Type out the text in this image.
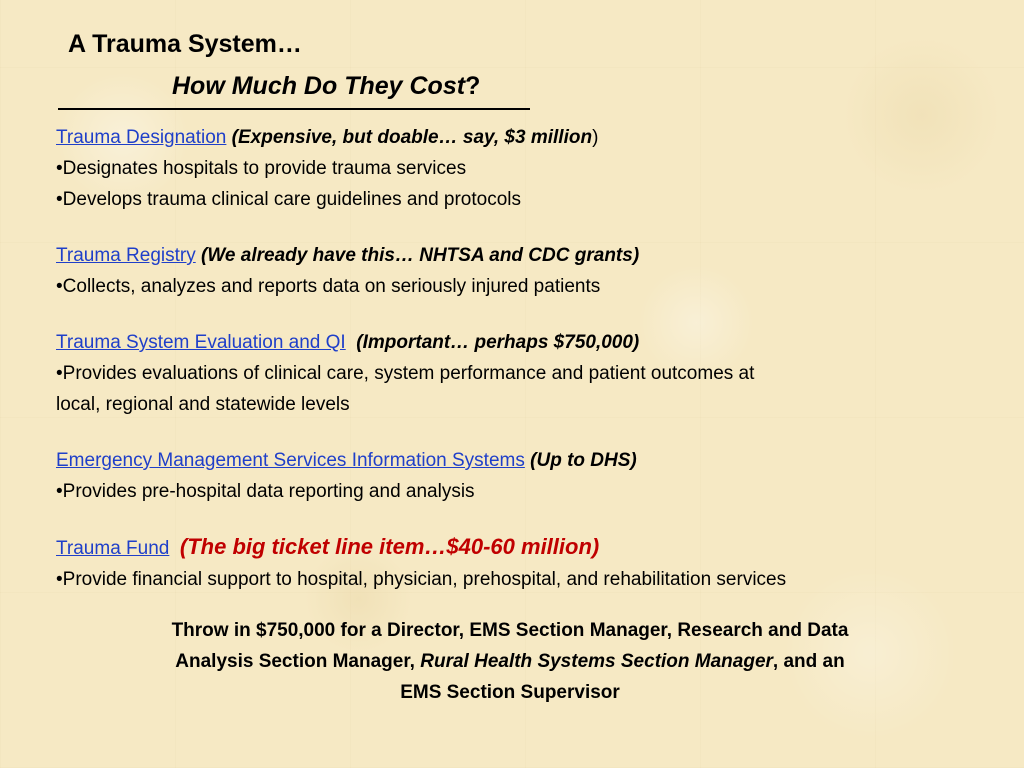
A Trauma System…
How Much Do They Cost?
Trauma Designation (Expensive, but doable… say, $3 million)
•Designates hospitals to provide trauma services
•Develops trauma clinical care guidelines and protocols
Trauma Registry (We already have this… NHTSA and CDC grants)
•Collects, analyzes and reports data on seriously injured patients
Trauma System Evaluation and QI (Important… perhaps $750,000)
•Provides evaluations of clinical care, system performance and patient outcomes at
local, regional and statewide levels
Emergency Management Services Information Systems (Up to DHS)
•Provides pre-hospital data reporting and analysis
Trauma Fund (The big ticket line item…$40-60 million)
•Provide financial support to hospital, physician, prehospital, and rehabilitation services
Throw in $750,000 for a Director, EMS Section Manager, Research and Data
Analysis Section Manager, Rural Health Systems Section Manager, and an
EMS Section Supervisor
